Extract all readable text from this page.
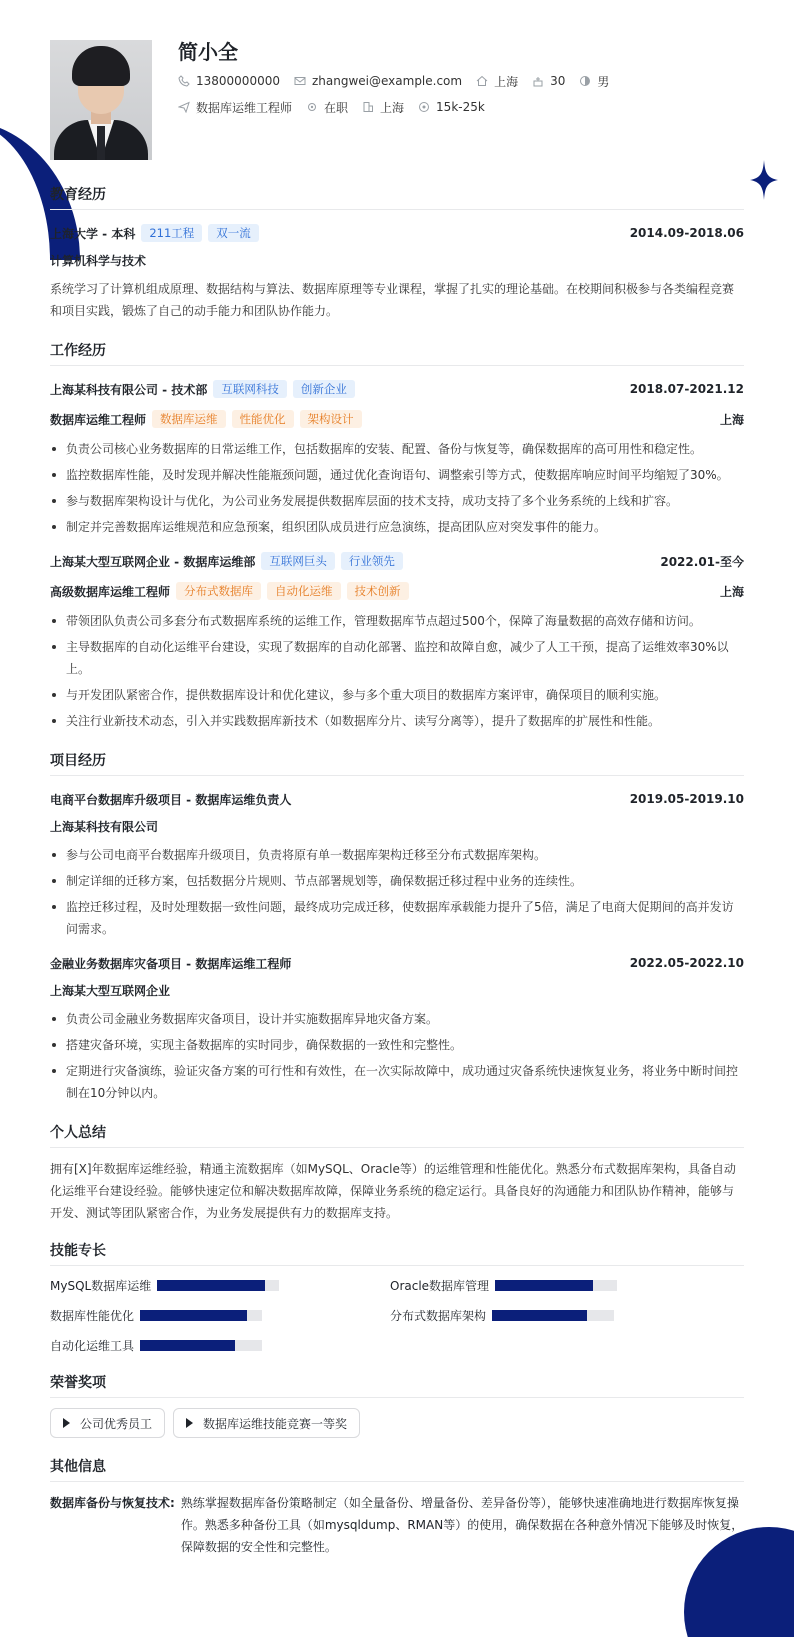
简小全
13800000000	zhangwei@example.com	上海	30	男
数据库运维工程师	在职	上海	15k-25k
教育经历
上海大学 - 本科	211工程	双一流	2014.09-2018.06
计算机科学与技术
系统学习了计算机组成原理、数据结构与算法、数据库原理等专业课程，掌握了扎实的理论基础。在校期间积极参与各类编程竞赛和项目实践，锻炼了自己的动手能力和团队协作能力。
工作经历
上海某科技有限公司 - 技术部	互联网科技	创新企业	2018.07-2021.12
数据库运维工程师	数据库运维	性能优化	架构设计	上海
负责公司核心业务数据库的日常运维工作，包括数据库的安装、配置、备份与恢复等，确保数据库的高可用性和稳定性。
监控数据库性能，及时发现并解决性能瓶颈问题，通过优化查询语句、调整索引等方式，使数据库响应时间平均缩短了30%。
参与数据库架构设计与优化，为公司业务发展提供数据库层面的技术支持，成功支持了多个业务系统的上线和扩容。
制定并完善数据库运维规范和应急预案，组织团队成员进行应急演练，提高团队应对突发事件的能力。
上海某大型互联网企业 - 数据库运维部	互联网巨头	行业领先	2022.01-至今
高级数据库运维工程师	分布式数据库	自动化运维	技术创新	上海
带领团队负责公司多套分布式数据库系统的运维工作，管理数据库节点超过500个，保障了海量数据的高效存储和访问。
主导数据库的自动化运维平台建设，实现了数据库的自动化部署、监控和故障自愈，减少了人工干预，提高了运维效率30%以上。
与开发团队紧密合作，提供数据库设计和优化建议，参与多个重大项目的数据库方案评审，确保项目的顺利实施。
关注行业新技术动态，引入并实践数据库新技术（如数据库分片、读写分离等），提升了数据库的扩展性和性能。
项目经历
电商平台数据库升级项目 - 数据库运维负责人	2019.05-2019.10
上海某科技有限公司
参与公司电商平台数据库升级项目，负责将原有单一数据库架构迁移至分布式数据库架构。
制定详细的迁移方案，包括数据分片规则、节点部署规划等，确保数据迁移过程中业务的连续性。
监控迁移过程，及时处理数据一致性问题，最终成功完成迁移，使数据库承载能力提升了5倍，满足了电商大促期间的高并发访问需求。
金融业务数据库灾备项目 - 数据库运维工程师	2022.05-2022.10
上海某大型互联网企业
负责公司金融业务数据库灾备项目，设计并实施数据库异地灾备方案。
搭建灾备环境，实现主备数据库的实时同步，确保数据的一致性和完整性。
定期进行灾备演练，验证灾备方案的可行性和有效性，在一次实际故障中，成功通过灾备系统快速恢复业务，将业务中断时间控制在10分钟以内。
个人总结
拥有[X]年数据库运维经验，精通主流数据库（如MySQL、Oracle等）的运维管理和性能优化。熟悉分布式数据库架构，具备自动化运维平台建设经验。能够快速定位和解决数据库故障，保障业务系统的稳定运行。具备良好的沟通能力和团队协作精神，能够与开发、测试等团队紧密合作，为业务发展提供有力的数据库支持。
技能专长
MySQL数据库运维	Oracle数据库管理
数据库性能优化	分布式数据库架构
自动化运维工具
荣誉奖项
公司优秀员工	数据库运维技能竞赛一等奖
其他信息
数据库备份与恢复技术: 熟练掌握数据库备份策略制定（如全量备份、增量备份、差异备份等），能够快速准确地进行数据库恢复操作。熟悉多种备份工具（如mysqldump、RMAN等）的使用，确保数据在各种意外情况下能够及时恢复，保障数据的安全性和完整性。
